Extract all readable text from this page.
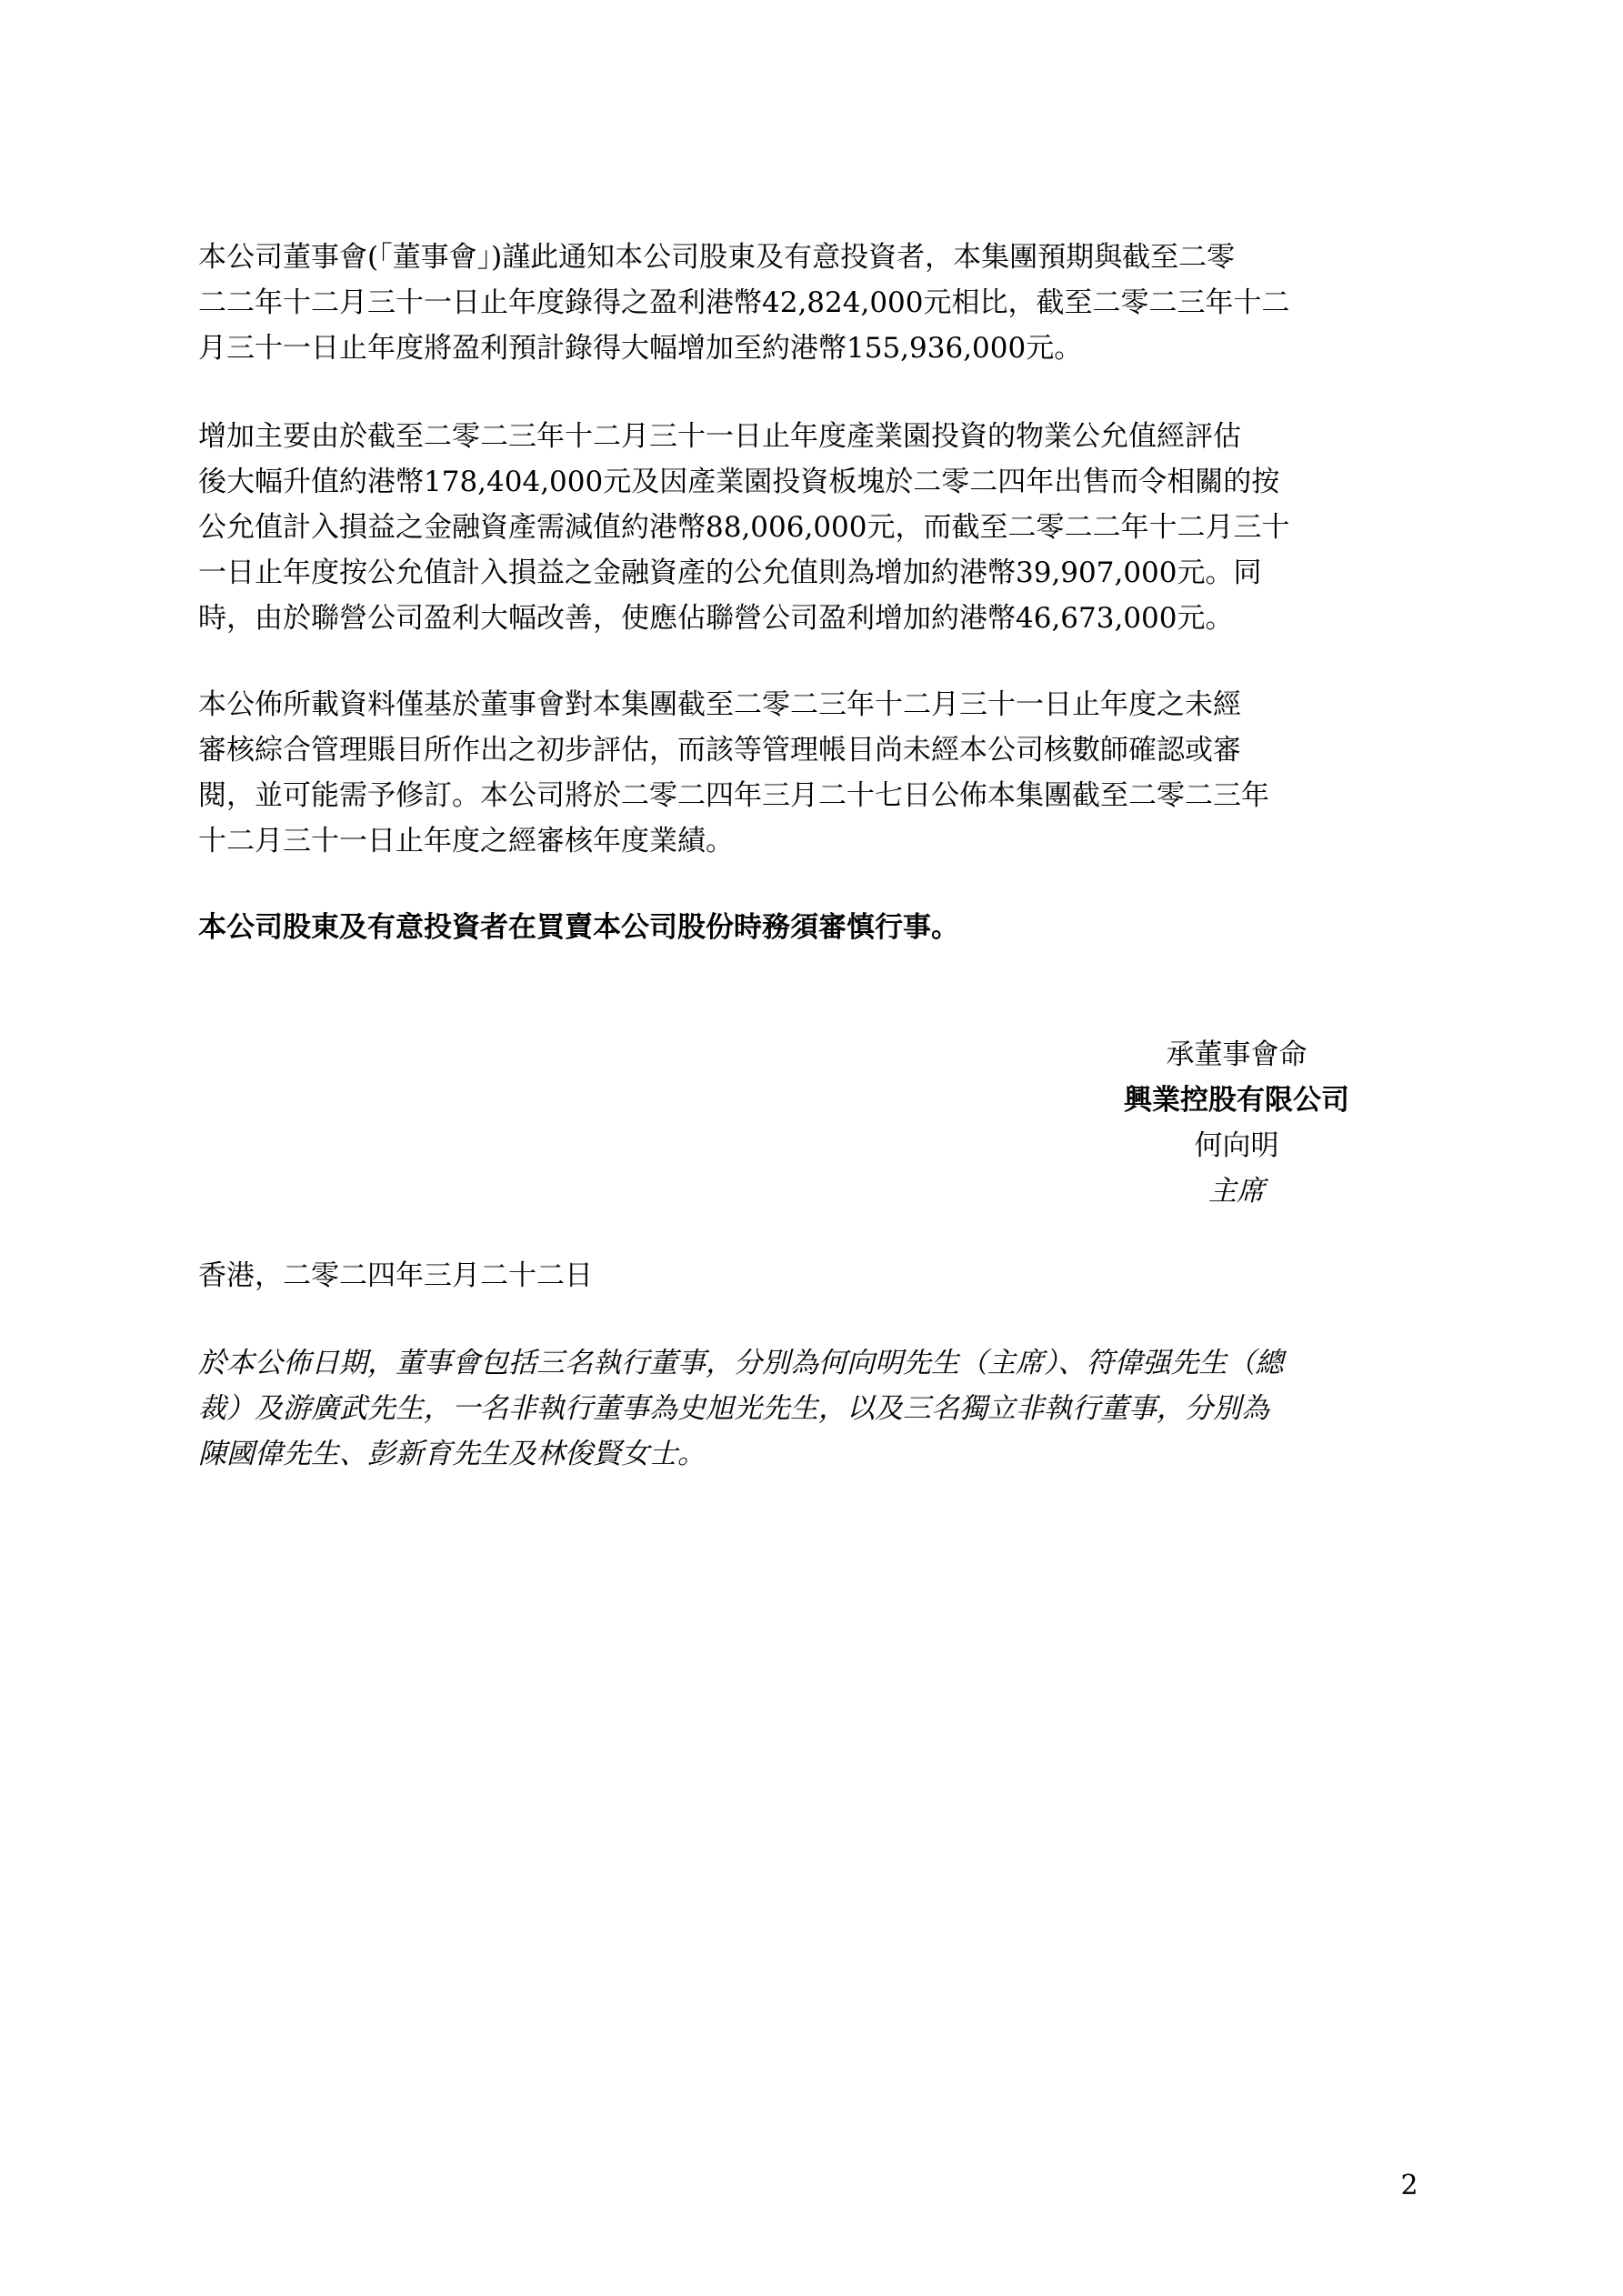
本公司董事會(「董事會」)謹此通知本公司股東及有意投資者，本集團預期與截至二零
二二年十二月三十一日止年度錄得之盈利港幣42,824,000元相比，截至二零二三年十二
月三十一日止年度將盈利預計錄得大幅增加至約港幣155,936,000元。
增加主要由於截至二零二三年十二月三十一日止年度產業園投資的物業公允值經評估
後大幅升值約港幣178,404,000元及因產業園投資板塊於二零二四年出售而令相關的按
公允值計入損益之金融資產需減值約港幣88,006,000元，而截至二零二二年十二月三十
一日止年度按公允值計入損益之金融資產的公允值則為增加約港幣39,907,000元。同
時，由於聯營公司盈利大幅改善，使應佔聯營公司盈利增加約港幣46,673,000元。
本公佈所載資料僅基於董事會對本集團截至二零二三年十二月三十一日止年度之未經
審核綜合管理賬目所作出之初步評估，而該等管理帳目尚未經本公司核數師確認或審
閱，並可能需予修訂。本公司將於二零二四年三月二十七日公佈本集團截至二零二三年
十二月三十一日止年度之經審核年度業績。
本公司股東及有意投資者在買賣本公司股份時務須審慎行事。
承董事會命
興業控股有限公司
何向明
主席
香港，二零二四年三月二十二日
於本公佈日期，董事會包括三名執行董事，分別為何向明先生（主席）、符偉强先生（總
裁）及游廣武先生，一名非執行董事為史旭光先生，以及三名獨立非執行董事，分別為
陳國偉先生、彭新育先生及林俊賢女士。
2
